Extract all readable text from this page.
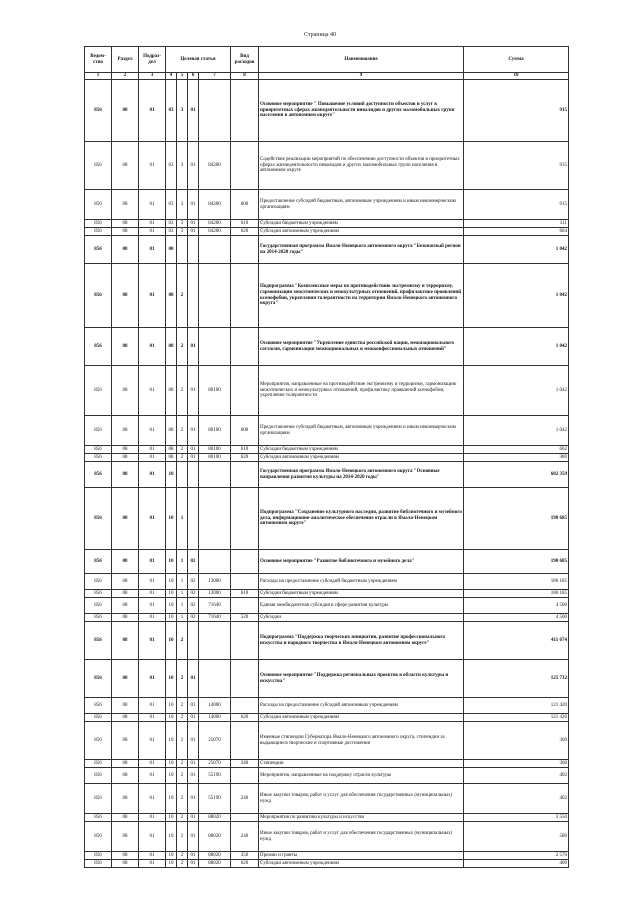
Страница 40
Ведом-ство	Раздел	Подраз-дел	Целевая статья				Вид расходов	Наименование	Сумма
1	2	3	4	5	6	7	8	9	10
856	08	01	03	3	01			Основное мероприятие " Повышение условий доступности объектов и услуг в приоритетных сферах жизнедеятельности инвалидов и других маломобильных групп населения в автономном округе"	915
856	08	01	03	3	01	84200		Содействие реализации мероприятий по обеспечению доступности объектов в приоритетных сферах жизнедеятельности инвалидов и других маломобильных групп населения в автономном округе	915
856	08	01	03	3	01	84200	600	Предоставление субсидий бюджетным, автономным учреждениям и иным некоммерческим организациям	915
856	08	01	03	3	01	84200	610	Субсидии бюджетным учреждениям	311
856	08	01	03	3	01	84200	620	Субсидии автономным учреждениям	604
856	08	01	08					Государственная программа Ямало-Ненецкого автономного округа "Безопасный регион на 2014-2020 годы"	1 042
856	08	01	08	2				Подпрограмма "Комплексные меры по противодействию экстремизму и терроризму, гармонизации межэтнических и межкультурных отношений, профилактике проявлений ксенофобии, укрепления толерантности на территории Ямало-Ненецкого автономного округа"	1 042
856	08	01	08	2	01			Основное мероприятие "Укрепление единства российской нации, межнационального согласия, гармонизация межнациональных и межконфессиональных отношений"	1 042
856	08	01	08	2	01	80100		Мероприятия, направленные на противодействие экстремизму и терроризму, гармонизацию межэтнических и межкультурных отношений, профилактику проявлений ксенофобии, укрепление толерантности	1 042
856	08	01	08	2	01	80100	600	Предоставление субсидий бюджетным, автономным учреждениям и иным некоммерческим организациям	1 042
856	08	01	08	2	01	80100	610	Субсидии бюджетным учреждениям	662
856	08	01	08	2	01	80100	620	Субсидии автономным учреждениям	380
856	08	01	10					Государственная программа Ямало-Ненецкого автономного округа "Основные направления развития культуры на 2014-2020 годы"	602 359
856	08	01	10	1				Подпрограмма "Сохранение культурного наследия, развитие библиотечного и музейного дела, информационно-аналитическое обеспечение отрасли в Ямало-Ненецком автономном округе"	190 685
856	08	01	10	1	02			Основное мероприятие "Развитие библиотечного и музейного дела"	190 685
856	08	01	10	1	02	13000		Расходы на предоставление субсидий бюджетным учреждениям	186 185
856	08	01	10	1	02	13000	610	Субсидии бюджетным учреждениям	186 185
856	08	01	10	1	02	71640		Единая межбюджетная субсидия в сфере развития культуры	4 500
856	08	01	10	1	02	71640	520	Субсидии	4 500
856	08	01	10	2				Подпрограмма "Поддержка творческих инициатив, развитие профессионального искусства и народного творчества в Ямало-Ненецком автономном округе"	411 674
856	08	01	10	2	01			Основное мероприятие "Поддержка региональных проектов в области культуры и искусства"	125 732
856	08	01	10	2	01	14000		Расходы на предоставление субсидий автономным учреждениям	121 420
856	08	01	10	2	01	14000	620	Субсидии автономным учреждениям	121 420
856	08	01	10	2	01	25070		Именные стипендии Губернатора Ямало-Ненецкого автономного округа, стипендии за выдающиеся творческие и спортивные достижения	360
856	08	01	10	2	01	25070	340	Стипендии	360
856	08	01	10	2	01	55190		Мероприятия, направленные на поддержку отрасли культуры	402
856	08	01	10	2	01	55190	240	Иные закупки товаров, работ и услуг для обеспечения государственных (муниципальных) нужд	402
856	08	01	10	2	01	88020		Мероприятия по развитию культуры и искусства	3 550
856	08	01	10	2	01	88020	240	Иные закупки товаров, работ и услуг для обеспечения государственных (муниципальных) нужд	580
856	08	01	10	2	01	88020	350	Премии и гранты	2 570
856	08	01	10	2	01	88020	620	Субсидии автономным учреждениям	400
